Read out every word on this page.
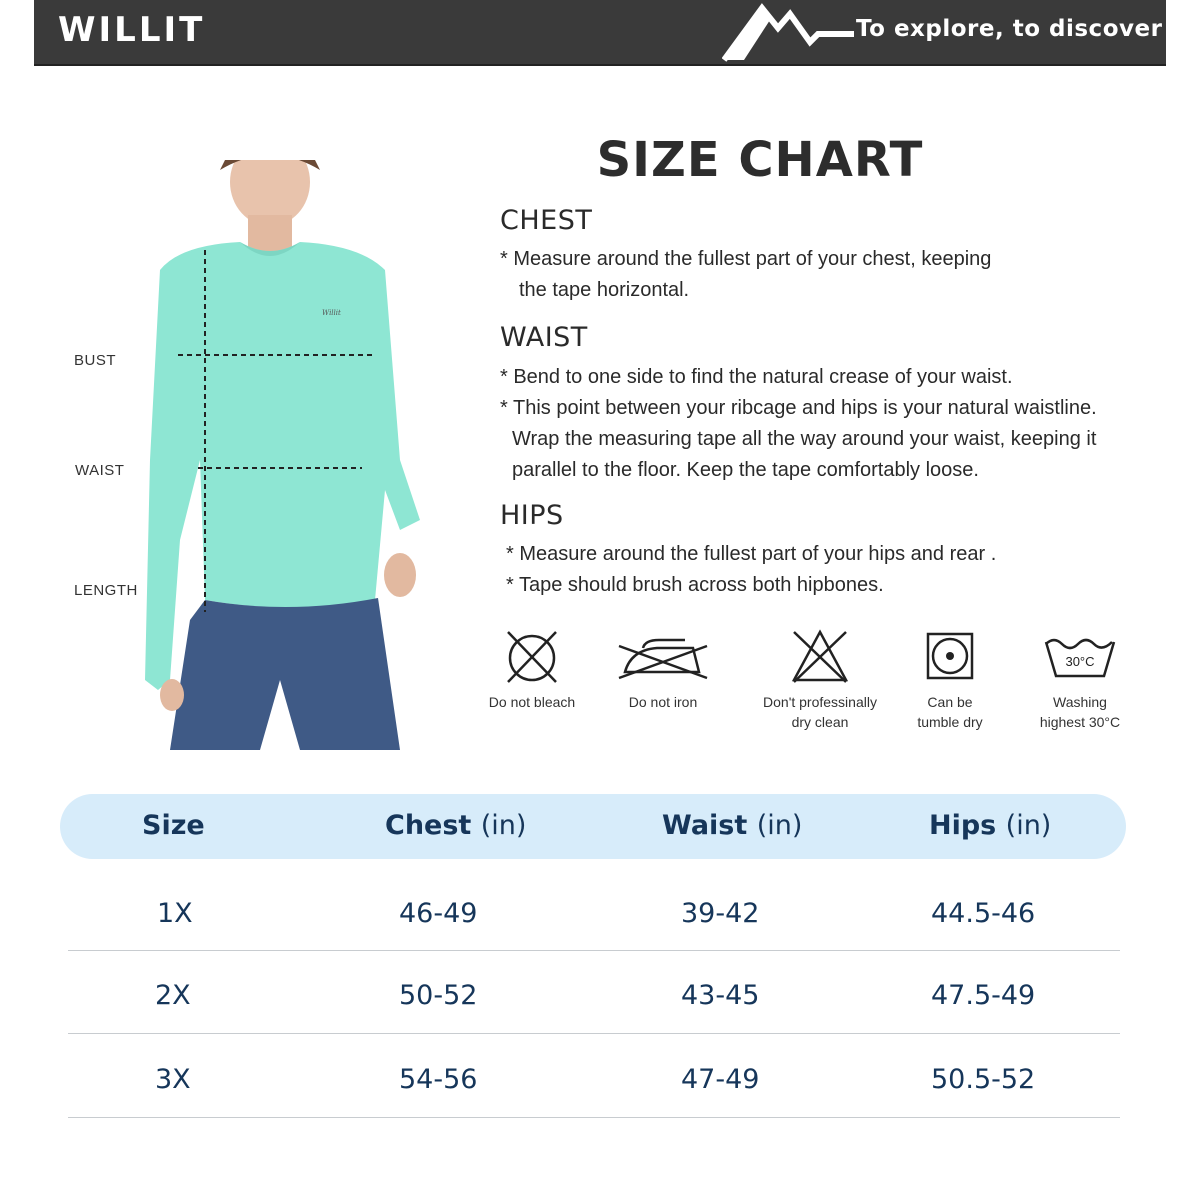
WILLIT	To explore, to discover
Willit
BUST
WAIST
LENGTH
SIZE CHART
CHEST
* Measure around the fullest part of your chest, keeping
the tape horizontal.
WAIST
* Bend to one side to find the natural crease of your waist.
* This point between your ribcage and hips is your natural waistline.
Wrap the measuring tape all the way around your waist, keeping it
parallel to the floor. Keep the tape comfortably loose.
HIPS
* Measure around the fullest part of your hips and rear .
* Tape should brush across both hipbones.
Do not bleach	Do not iron	Don't professinally
dry clean
Can be
tumble dry
30°C
Washing
highest 30°C
Size	Chest (in)	Waist (in)	Hips (in)
1X	46-49	39-42	44.5-46
2X	50-52	43-45	47.5-49
3X	54-56	47-49	50.5-52
